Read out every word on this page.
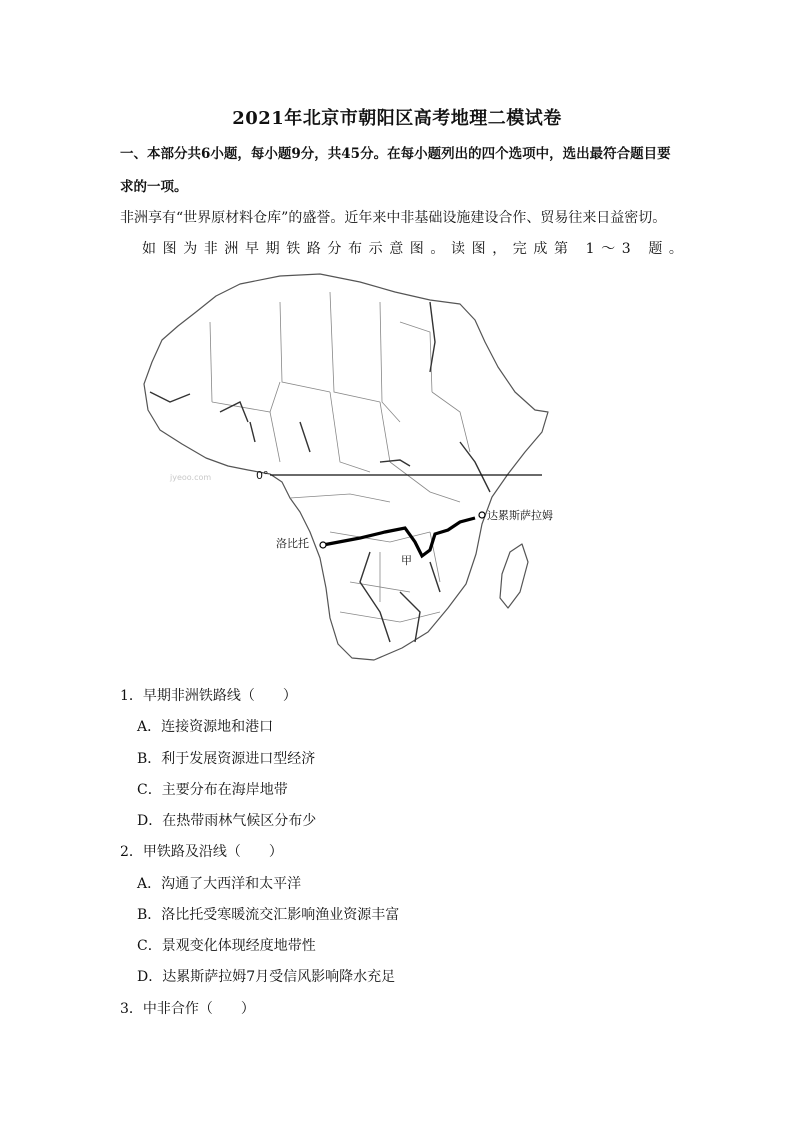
2021年北京市朝阳区高考地理二模试卷
一、本部分共6小题，每小题9分，共45分。在每小题列出的四个选项中，选出最符合题目要求的一项。
非洲享有“世界原材料仓库”的盛誉。近年来中非基础设施建设合作、贸易往来日益密切。
如图为非洲早期铁路分布示意图。读图，完成第 1～3 题。
0°
jyeoo.com
洛比托
达累斯萨拉姆
甲
1．早期非洲铁路线（　　）
A．连接资源地和港口
B．利于发展资源进口型经济
C．主要分布在海岸地带
D．在热带雨林气候区分布少
2．甲铁路及沿线（　　）
A．沟通了大西洋和太平洋
B．洛比托受寒暖流交汇影响渔业资源丰富
C．景观变化体现经度地带性
D．达累斯萨拉姆7月受信风影响降水充足
3．中非合作（　　）
